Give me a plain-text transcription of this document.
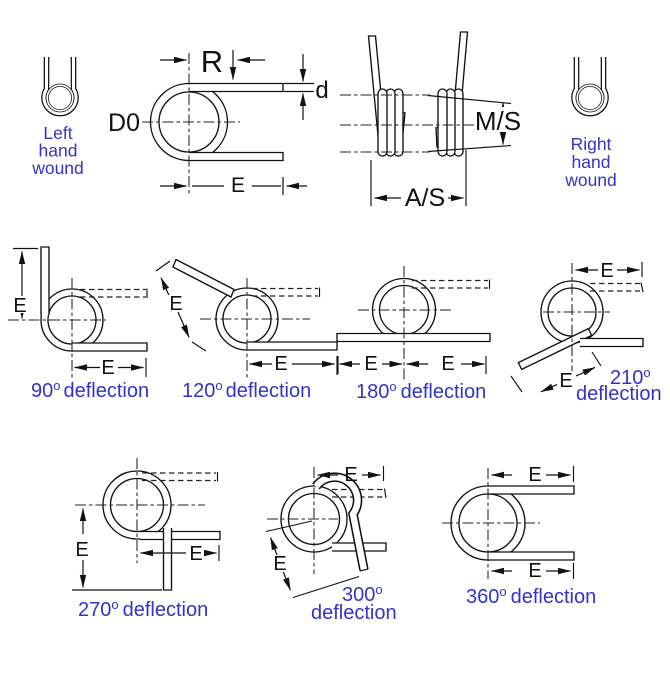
Left
hand
wound
Right
hand
wound
R
d
D0
E
M/S
A/S
E
E
90$^o$ deflection
E
E
120$^o$ deflection
E	E
180$^o$ deflection
E
E 210$^o$
deflection
E	E
270$^o$ deflection
E
E
300$^o$
deflection
E
E
360$^o$ deflection
